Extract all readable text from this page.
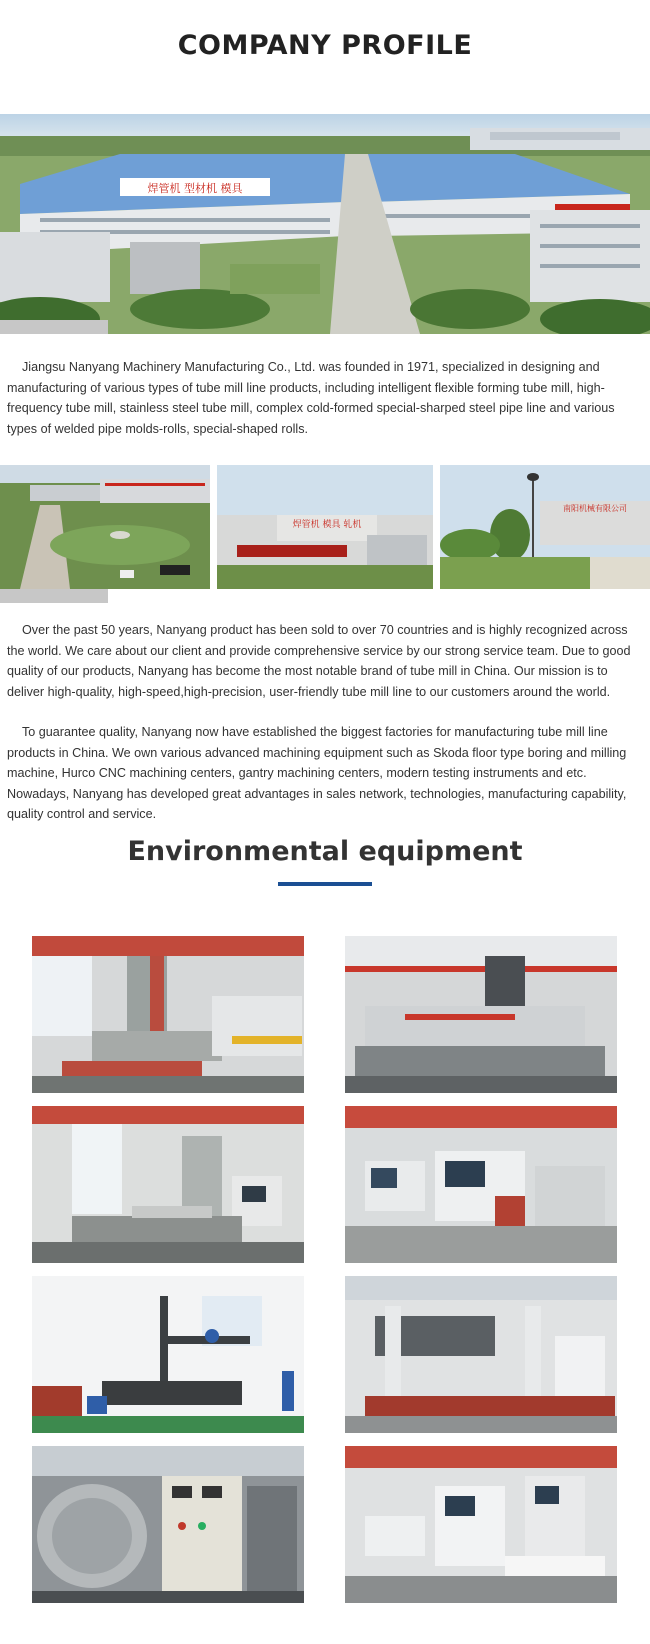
COMPANY PROFILE
焊管机 型材机 模具

Jiangsu Nanyang Machinery Manufacturing Co., Ltd. was founded in 1971, specialized in designing and manufacturing of various types of tube mill line products, including intelligent flexible forming tube mill, high-frequency tube mill, stainless steel tube mill, complex cold-formed special-sharped steel pipe line and various types of welded pipe molds-rolls, special-shaped rolls.

焊管机 模具 轧机
南阳机械有限公司

Over the past 50 years, Nanyang product has been sold to over 70 countries and is highly recognized across the world. We care about our client and provide comprehensive service by our strong service team. Due to good quality of our products, Nanyang has become the most notable brand of tube mill in China. Our mission is to deliver high-quality, high-speed,high-precision, user-friendly tube mill line to our customers around the world.

To guarantee quality, Nanyang now have established the biggest factories for manufacturing tube mill line products in China. We own various advanced machining equipment such as Skoda floor type boring and milling machine, Hurco CNC machining centers, gantry machining centers, modern testing instruments and etc. Nowadays, Nanyang has developed great advantages in sales network, technologies, manufacturing capability, quality control and service.

Environmental equipment
